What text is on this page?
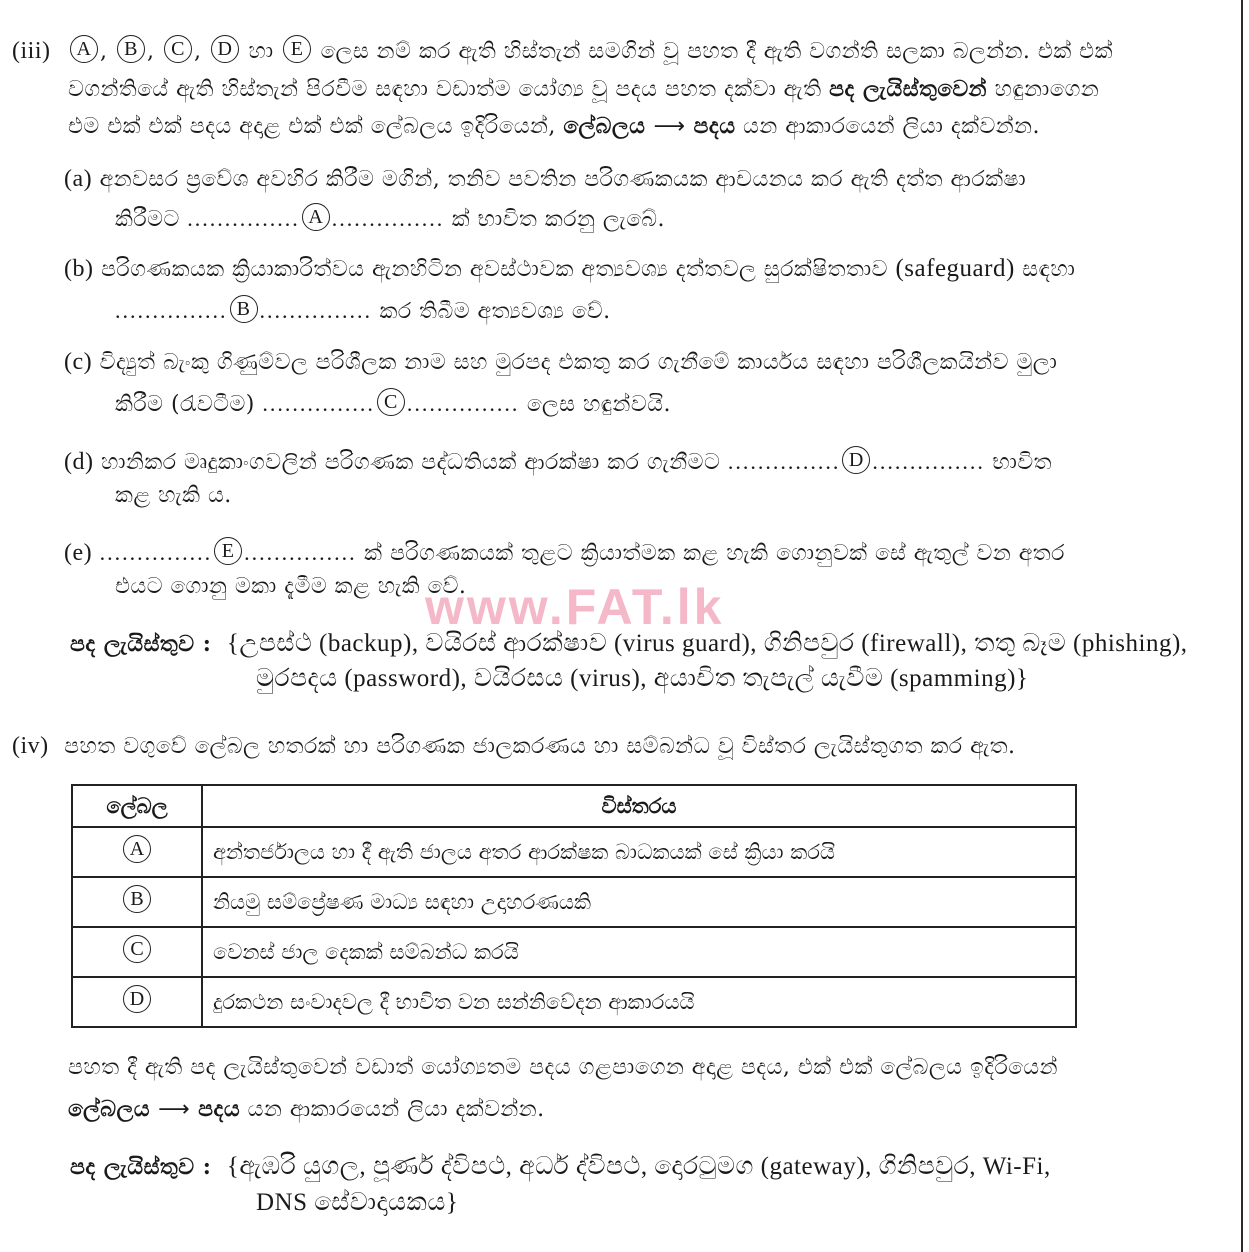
www.FAT.lk
(iii) A , B , C , D හා E ලෙස නම් කර ඇති හිස්තැන් සමගින් වූ පහත දී ඇති වගන්ති සලකා බලන්න. එක් එක්
වගන්තියේ ඇති හිස්තැන් පිරවීම සඳහා වඩාත්ම යෝග්‍ය වූ පදය පහත දක්වා ඇති පද ලැයිස්තුවෙන් හඳුනාගෙන
එම එක් එක් පදය අදාළ එක් එක් ලේබලය ඉදිරියෙන්, ලේබලය ⟶ පදය යන ආකාරයෙන් ලියා දක්වන්න.
(a) අනවසර ප්‍රවේශ අවහිර කිරීම මගින්, තනිව පවතින පරිගණකයක ආචයනය කර ඇති දත්ත ආරක්ෂා
කිරීමට ............... A ............... ක් භාවිත කරනු ලැබේ.
(b) පරිගණකයක ක්‍රියාකාරිත්වය ඇනහිටින අවස්ථාවක අත්‍යවශ්‍ය දත්තවල සුරක්ෂිතතාව (safeguard) සඳහා
............... B ............... කර තිබීම අත්‍යවශ්‍ය වේ.
(c) විද්‍යුත් බැංකු ගිණුම්වල පරිශීලක නාම සහ මුරපද එකතු කර ගැනීමේ කාර්යය සඳහා පරිශීලකයින්ව මුලා
කිරීම (රැවටීම) ............... C ............... ලෙස හඳුන්වයි.
(d) හානිකර මෘදුකාංගවලින් පරිගණක පද්ධතියක් ආරක්ෂා කර ගැනීමට ............... D ............... භාවිත
කළ හැකි ය.
(e) ............... E ............... ක් පරිගණකයක් තුළට ක්‍රියාත්මක කළ හැකි ගොනුවක් සේ ඇතුල් වන අතර
එයට ගොනු මකා දැමීම කළ හැකි වේ.
පද ලැයිස්තුව : {උපස්ථ (backup), වයිරස් ආරක්ෂාව (virus guard), ගිනිපවුර (firewall), තතු බෑම (phishing),
මුරපදය (password), වයිරසය (virus), අයාචිත තැපැල් යැවීම (spamming)}
(iv) පහත වගුවේ ලේබල හතරක් හා පරිගණක ජාලකරණය හා සම්බන්ධ වූ විස්තර ලැයිස්තුගත කර ඇත.
ලේබල	විස්තරය
A	අන්තර්ජාලය හා දී ඇති ජාලය අතර ආරක්ෂක බාධකයක් සේ ක්‍රියා කරයි
B	නියමු සම්ප්‍රේෂණ මාධ්‍ය සඳහා උදාහරණයකි
C	වෙනස් ජාල දෙකක් සම්බන්ධ කරයි
D	දුරකථන සංවාදවල දී භාවිත වන සන්නිවේදන ආකාරයයි
පහත දී ඇති පද ලැයිස්තුවෙන් වඩාත් යෝග්‍යතම පදය ගළපාගෙන අදාළ පදය, එක් එක් ලේබලය ඉදිරියෙන්
ලේබලය ⟶ පදය යන ආකාරයෙන් ලියා දක්වන්න.
පද ලැයිස්තුව : {ඇඹරි යුගල, පූර්ණ ද්විපථ, අර්ධ ද්විපථ, දොරටුමග (gateway), ගිනිපවුර, Wi-Fi,
DNS සේවාදායකය}
